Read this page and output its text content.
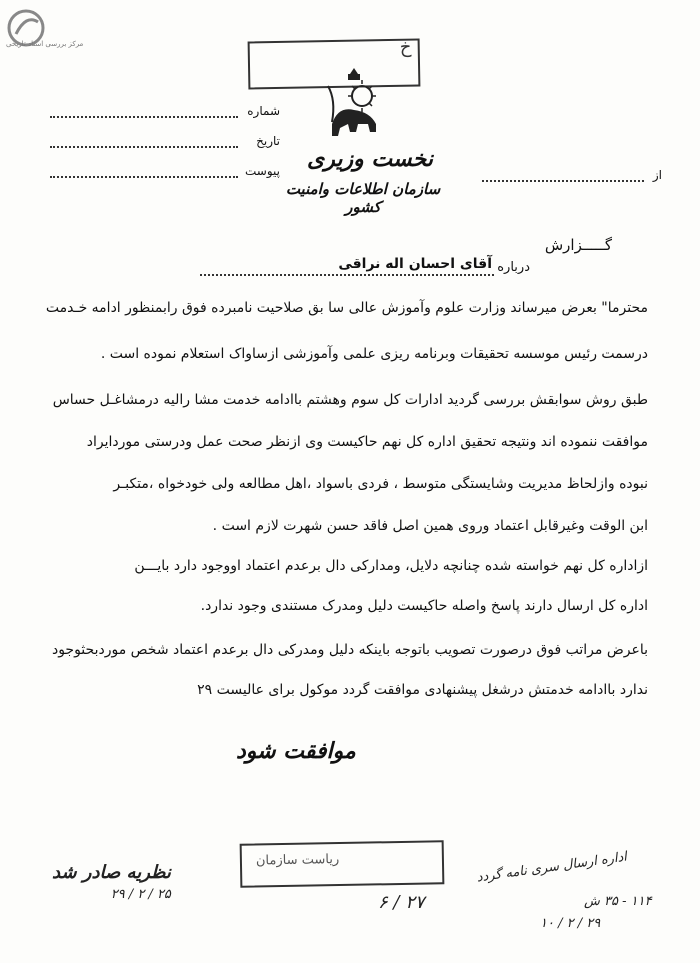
مرکز بررسی اسناد تاریخی	خ
نخست وزیری
سازمان اطلاعات وامنیت کشور
شماره
تاریخ
پیوست	از
گـــــزارش
درباره
آقای احسان اله نراقی
محترما" بعرض میرساند وزارت علوم وآموزش عالی سا بق صلاحیت نامبرده فوق رابمنظور ادامه خـدمت
درسمت رئیس موسسه تحقیقات وبرنامه ریزی علمی وآموزشی ازساواک استعلام نموده است .
طبق روش سوابقش بررسی گردید ادارات کل سوم وهشتم باادامه خدمت مشا رالیه درمشاغـل حساس
موافقت ننموده اند ونتیجه تحقیق اداره کل نهم حاکیست وی ازنظر صحت عمل ودرستی موردایراد
نبوده وازلحاظ مدیریت وشایستگی متوسط ، فردی باسواد ،اهل مطالعه ولی خودخواه ،متکبـر
ابن الوقت وغیرقابل اعتماد وروی همین اصل فاقد حسن شهرت لازم است .
ازاداره کل نهم خواسته شده چنانچه دلایل، ومدارکی دال برعدم اعتماد اووجود دارد بایـــن
اداره کل ارسال دارند پاسخ واصله حاکیست دلیل ومدرک مستندی وجود ندارد.
باعرض مراتب فوق درصورت تصویب باتوجه باینکه دلیل ومدرکی دال برعدم اعتماد شخص موردبحثوجود
ندارد باادامه خدمتش درشغل پیشنهادی موافقت گردد موکول برای عالیست ۲۹
موافقت شود
نظریه صادر شد
۲۵ / ۲ / ۲۹
ریاست سازمان
۲۷ / ۶
اداره ارسال سری نامه گردد
۱۱۴ - ۳۵ ش
۲۹ / ۲ / ۱۰
